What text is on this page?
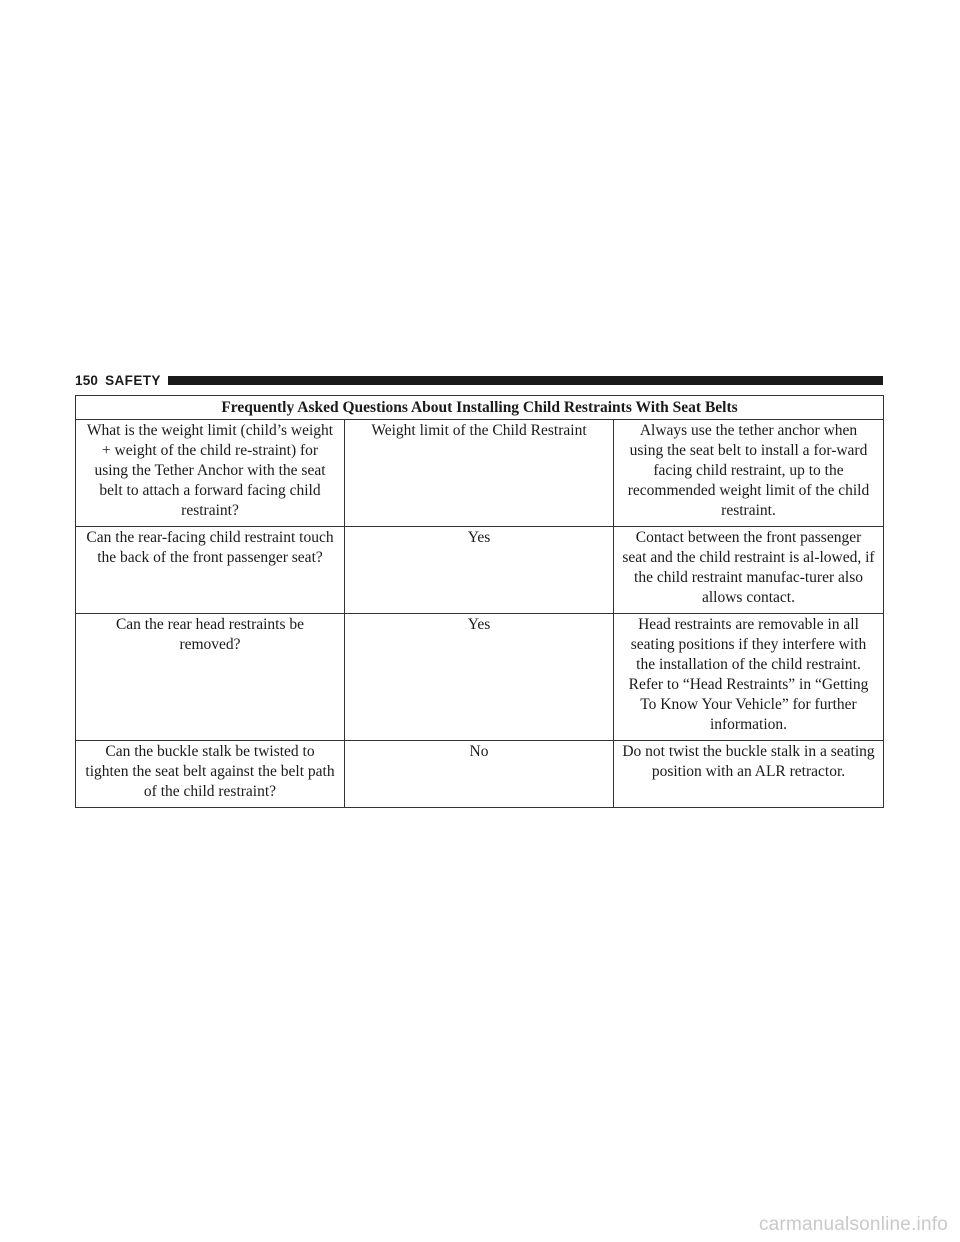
150 SAFETY
Frequently Asked Questions About Installing Child Restraints With Seat Belts		

What is the weight limit (child’s weight + weight of the child re-straint) for using the Tether Anchor with the seat belt to attach a forward facing child restraint?	Weight limit of the Child Restraint	Always use the tether anchor when using the seat belt to install a for-ward facing child restraint, up to the recommended weight limit of the child restraint.

Can the rear-facing child restraint touch the back of the front passenger seat?	Yes	Contact between the front passenger seat and the child restraint is al-lowed, if the child restraint manufac-turer also allows contact.

Can the rear head restraints be removed?	Yes	Head restraints are removable in all seating positions if they interfere with the installation of the child restraint.
Refer to “Head Restraints” in “Getting To Know Your Vehicle” for further information.

Can the buckle stalk be twisted to tighten the seat belt against the belt path of the child restraint?	No	Do not twist the buckle stalk in a seating position with an ALR retractor.
carmanualsonline.info
